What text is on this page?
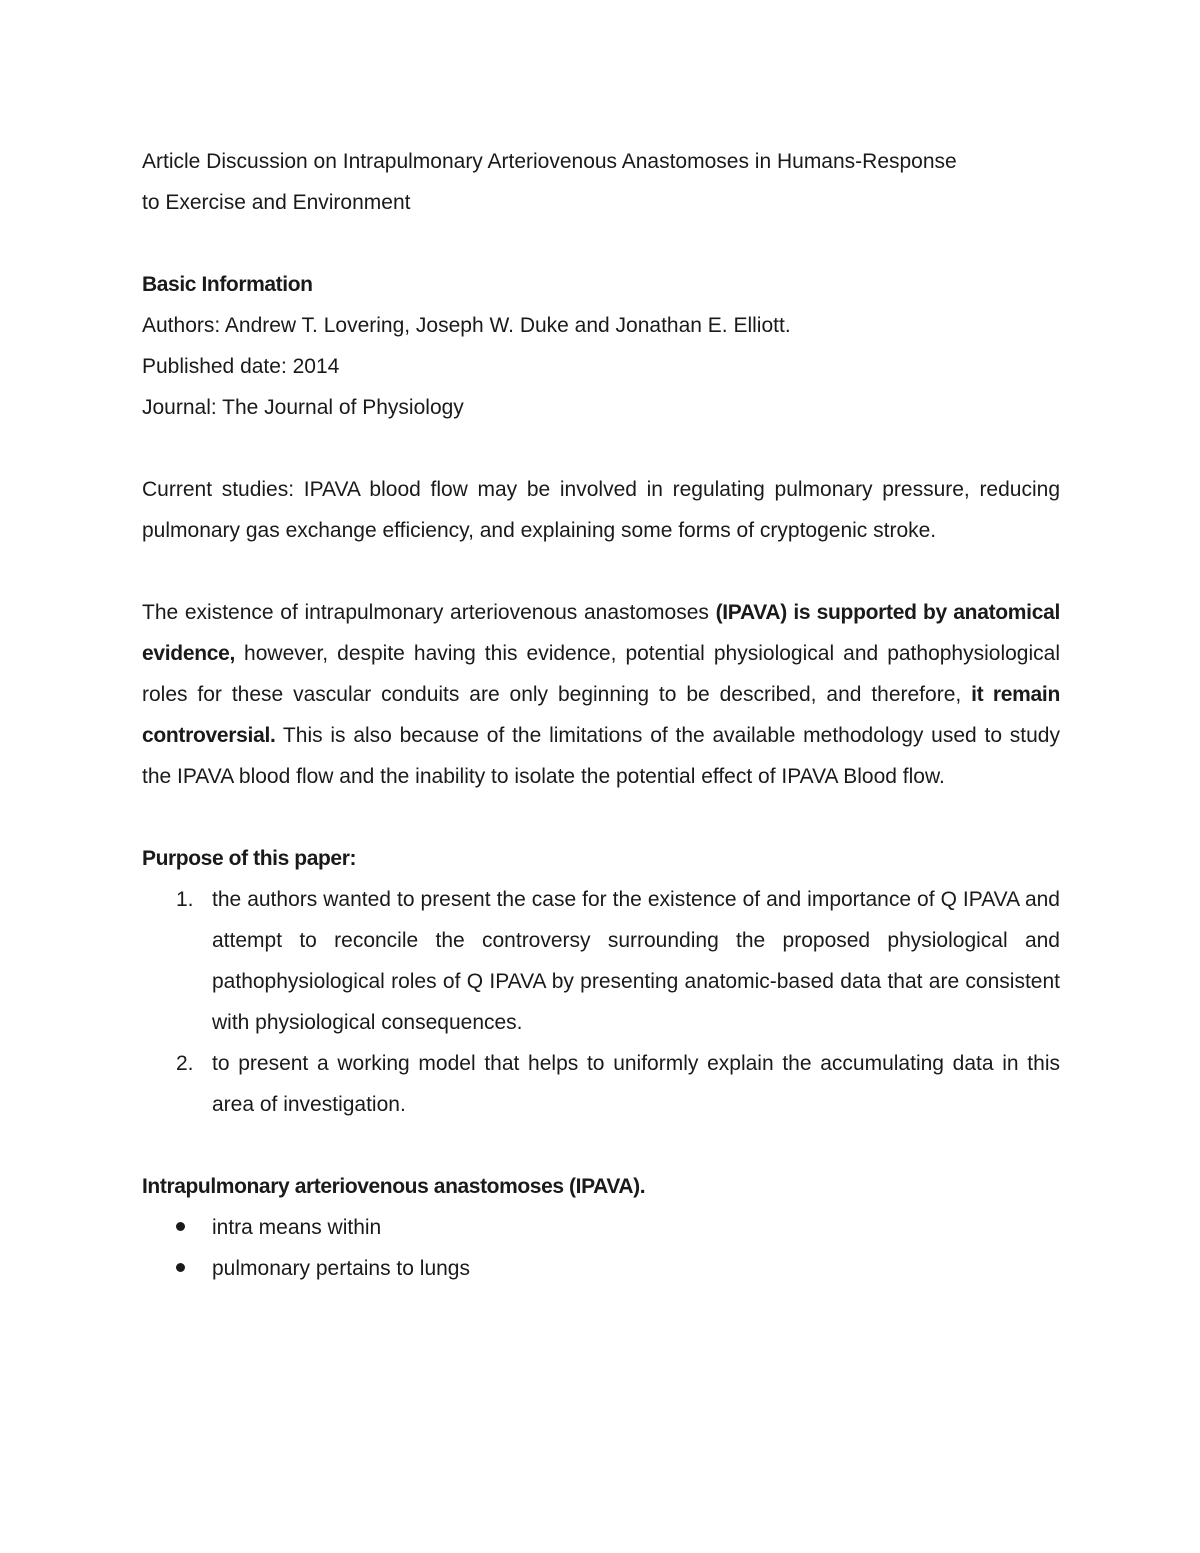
Article Discussion on Intrapulmonary Arteriovenous Anastomoses in Humans-Response
to Exercise and Environment

Basic Information

Authors: Andrew T. Lovering, Joseph W. Duke and Jonathan E. Elliott.

Published date: 2014

Journal: The Journal of Physiology

Current studies: IPAVA blood flow may be involved in regulating pulmonary pressure, reducing pulmonary gas exchange efficiency, and explaining some forms of cryptogenic stroke.

The existence of intrapulmonary arteriovenous anastomoses (IPAVA) is supported by anatomical evidence, however, despite having this evidence, potential physiological and pathophysiological roles for these vascular conduits are only beginning to be described, and therefore, it remain controversial. This is also because of the limitations of the available methodology used to study the IPAVA blood flow and the inability to isolate the potential effect of IPAVA Blood flow.

Purpose of this paper:

1. the authors wanted to present the case for the existence of and importance of Q IPAVA and attempt to reconcile the controversy surrounding the proposed physiological and pathophysiological roles of Q IPAVA by presenting anatomic-based data that are consistent with physiological consequences.
2. to present a working model that helps to uniformly explain the accumulating data in this area of investigation.

Intrapulmonary arteriovenous anastomoses (IPAVA).

intra means within
pulmonary pertains to lungs
